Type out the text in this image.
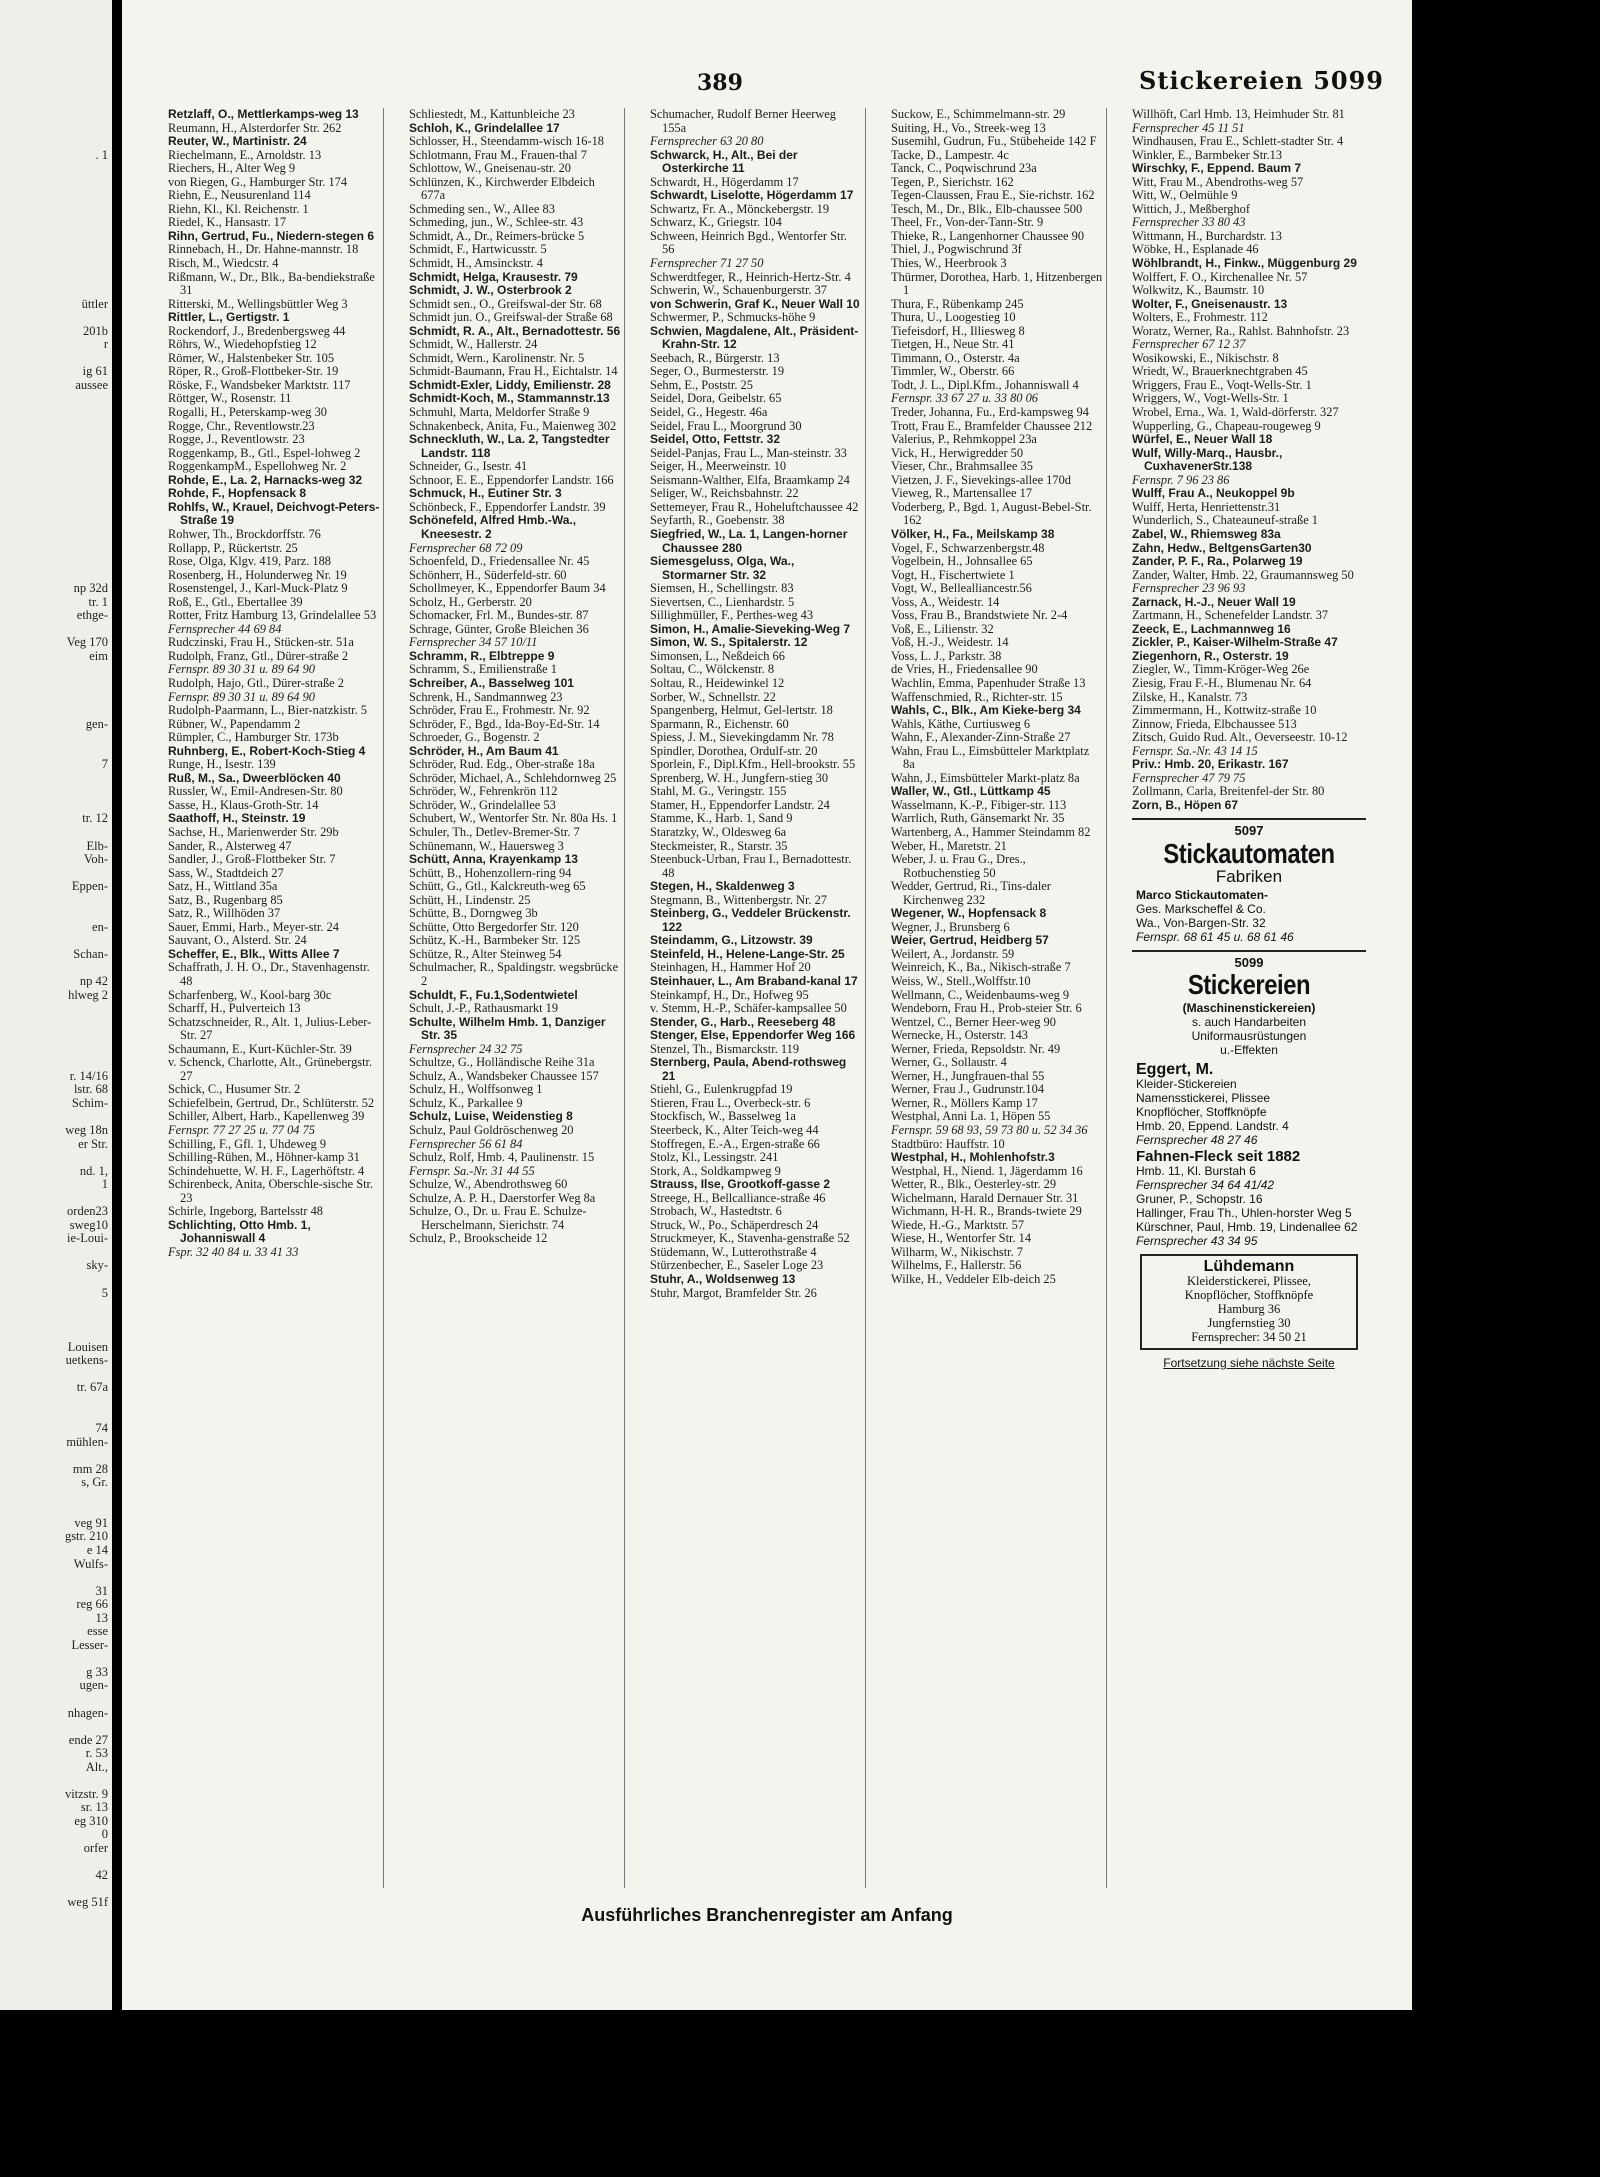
. 1
üttler
201b
r
ig 61
aussee
np 32d
tr. 1
ethge-
Veg 170
eim
gen-
7
tr. 12
Elb-
Voh-
Eppen-
en-
Schan-
np 42
hlweg 2
r. 14/16
lstr. 68
Schim-
weg 18n
er Str.
nd. 1,
1
orden23
sweg10
ie-Loui-
sky-
5
Louisen
uetkens-
tr. 67a
74
mühlen-
mm 28
s, Gr.
veg 91
gstr. 210
e 14
Wulfs-
31
reg 66
13
esse
Lesser-
g 33
ugen-
nhagen-
ende 27
r. 53
Alt.,
vitzstr. 9
sr. 13
eg 310
0
orfer
42
weg 51f
389	Stickereien 5099

Retzlaff, O., Mettlerkamps-weg 13

Reumann, H., Alsterdorfer Str. 262

Reuter, W., Martinistr. 24

Riechelmann, E., Arnoldstr. 13

Riechers, H., Alter Weg 9

von Riegen, G., Hamburger Str. 174

Riehn, E., Neusurenland 114

Riehn, Kl., Kl. Reichenstr. 1

Riedel, K., Hansastr. 17

Rihn, Gertrud, Fu., Niedern-stegen 6

Rinnebach, H., Dr. Hahne-mannstr. 18

Risch, M., Wiedcstr. 4

Rißmann, W., Dr., Blk., Ba-bendiekstraße 31

Ritterski, M., Wellingsbüttler Weg 3

Rittler, L., Gertigstr. 1

Rockendorf, J., Bredenbergsweg 44

Röhrs, W., Wiedehopfstieg 12

Römer, W., Halstenbeker Str. 105

Röper, R., Groß-Flottbeker-Str. 19

Röske, F., Wandsbeker Marktstr. 117

Röttger, W., Rosenstr. 11

Rogalli, H., Peterskamp-weg 30

Rogge, Chr., Reventlowstr.23

Rogge, J., Reventlowstr. 23

Roggenkamp, B., Gtl., Espel-lohweg 2

RoggenkampM., Espellohweg Nr. 2

Rohde, E., La. 2, Harnacks-weg 32

Rohde, F., Hopfensack 8

Rohlfs, W., Krauel, Deichvogt-Peters-Straße 19

Rohwer, Th., Brockdorffstr. 76

Rollapp, P., Rückertstr. 25

Rose, Olga, Klgv. 419, Parz. 188

Rosenberg, H., Holunderweg Nr. 19

Rosenstengel, J., Karl-Muck-Platz 9

Roß, E., Gtl., Ebertallee 39

Rotter, Fritz Hamburg 13, Grindelallee 53

Fernsprecher 44 69 84

Rudczinski, Frau H., Stücken-str. 51a

Rudolph, Franz, Gtl., Dürer-straße 2

Fernspr. 89 30 31 u. 89 64 90

Rudolph, Hajo, Gtl., Dürer-straße 2

Fernspr. 89 30 31 u. 89 64 90

Rudolph-Paarmann, L., Bier-natzkistr. 5

Rübner, W., Papendamm 2

Rümpler, C., Hamburger Str. 173b

Ruhnberg, E., Robert-Koch-Stieg 4

Runge, H., Isestr. 139

Ruß, M., Sa., Dweerblöcken 40

Russler, W., Emil-Andresen-Str. 80

Sasse, H., Klaus-Groth-Str. 14

Saathoff, H., Steinstr. 19

Sachse, H., Marienwerder Str. 29b

Sander, R., Alsterweg 47

Sandler, J., Groß-Flottbeker Str. 7

Sass, W., Stadtdeich 27

Satz, H., Wittland 35a

Satz, B., Rugenbarg 85

Satz, R., Willhöden 37

Sauer, Emmi, Harb., Meyer-str. 24

Sauvant, O., Alsterd. Str. 24

Scheffer, E., Blk., Witts Allee 7

Schaffrath, J. H. O., Dr., Stavenhagenstr. 48

Scharfenberg, W., Kool-barg 30c

Scharff, H., Pulverteich 13

Schatzschneider, R., Alt. 1, Julius-Leber-Str. 27

Schaumann, E., Kurt-Küchler-Str. 39

v. Schenck, Charlotte, Alt., Grünebergstr. 27

Schick, C., Husumer Str. 2

Schiefelbein, Gertrud, Dr., Schlüterstr. 52

Schiller, Albert, Harb., Kapellenweg 39

Fernspr. 77 27 25 u. 77 04 75

Schilling, F., Gfl. 1, Uhdeweg 9

Schilling-Rühen, M., Höhner-kamp 31

Schindehuette, W. H. F., Lagerhöftstr. 4

Schirenbeck, Anita, Oberschle-sische Str. 23

Schirle, Ingeborg, Bartelsstr 48

Schlichting, Otto Hmb. 1, Johanniswall 4

Fspr. 32 40 84 u. 33 41 33

Schliestedt, M., Kattunbleiche 23

Schloh, K., Grindelallee 17

Schlosser, H., Steendamm-wisch 16-18

Schlotmann, Frau M., Frauen-thal 7

Schlottow, W., Gneisenau-str. 20

Schlünzen, K., Kirchwerder Elbdeich 677a

Schmeding sen., W., Allee 83

Schmeding, jun., W., Schlee-str. 43

Schmidt, A., Dr., Reimers-brücke 5

Schmidt, F., Hartwicusstr. 5

Schmidt, H., Amsinckstr. 4

Schmidt, Helga, Krausestr. 79

Schmidt, J. W., Osterbrook 2

Schmidt sen., O., Greifswal-der Str. 68

Schmidt jun. O., Greifswal-der Straße 68

Schmidt, R. A., Alt., Bernadottestr. 56

Schmidt, W., Hallerstr. 24

Schmidt, Wern., Karolinenstr. Nr. 5

Schmidt-Baumann, Frau H., Eichtalstr. 14

Schmidt-Exler, Liddy, Emilienstr. 28

Schmidt-Koch, M., Stammannstr.13

Schmuhl, Marta, Meldorfer Straße 9

Schnakenbeck, Anita, Fu., Maienweg 302

Schneckluth, W., La. 2, Tangstedter Landstr. 118

Schneider, G., Isestr. 41

Schnoor, E. E., Eppendorfer Landstr. 166

Schmuck, H., Eutiner Str. 3

Schönbeck, F., Eppendorfer Landstr. 39

Schönefeld, Alfred Hmb.-Wa., Kneesestr. 2

Fernsprecher 68 72 09

Schoenfeld, D., Friedensallee Nr. 45

Schönherr, H., Süderfeld-str. 60

Schollmeyer, K., Eppendorfer Baum 34

Scholz, H., Gerberstr. 20

Schomacker, Frl. M., Bundes-str. 87

Schrage, Günter, Große Bleichen 36

Fernsprecher 34 57 10/11

Schramm, R., Elbtreppe 9

Schramm, S., Emilienstraße 1

Schreiber, A., Basselweg 101

Schrenk, H., Sandmannweg 23

Schröder, Frau E., Frohmestr. Nr. 92

Schröder, F., Bgd., Ida-Boy-Ed-Str. 14

Schroeder, G., Bogenstr. 2

Schröder, H., Am Baum 41

Schröder, Rud. Edg., Ober-straße 18a

Schröder, Michael, A., Schlehdornweg 25

Schröder, W., Fehrenkrön 112

Schröder, W., Grindelallee 53

Schubert, W., Wentorfer Str. Nr. 80a Hs. 1

Schuler, Th., Detlev-Bremer-Str. 7

Schünemann, W., Hauersweg 3

Schütt, Anna, Krayenkamp 13

Schütt, B., Hohenzollern-ring 94

Schütt, G., Gtl., Kalckreuth-weg 65

Schütt, H., Lindenstr. 25

Schütte, B., Dorngweg 3b

Schütte, Otto Bergedorfer Str. 120

Schütz, K.-H., Barmbeker Str. 125

Schütze, R., Alter Steinweg 54

Schulmacher, R., Spaldingstr. wegsbrücke 2

Schuldt, F., Fu.1,Sodentwietel

Schult, J.-P., Rathausmarkt 19

Schulte, Wilhelm Hmb. 1, Danziger Str. 35

Fernsprecher 24 32 75

Schultze, G., Holländische Reihe 31a

Schulz, A., Wandsbeker Chaussee 157

Schulz, H., Wolffsonweg 1

Schulz, K., Parkallee 9

Schulz, Luise, Weidenstieg 8

Schulz, Paul Goldröschenweg 20

Fernsprecher 56 61 84

Schulz, Rolf, Hmb. 4, Paulinenstr. 15

Fernspr. Sa.-Nr. 31 44 55

Schulze, W., Abendrothsweg 60

Schulze, A. P. H., Daerstorfer Weg 8a

Schulze, O., Dr. u. Frau E. Schulze-Herschelmann, Sierichstr. 74

Schulz, P., Brookscheide 12

Schumacher, Rudolf Berner Heerweg 155a

Fernsprecher 63 20 80

Schwarck, H., Alt., Bei der Osterkirche 11

Schwardt, H., Högerdamm 17

Schwardt, Liselotte, Högerdamm 17

Schwartz, Fr. A., Mönckebergstr. 19

Schwarz, K., Griegstr. 104

Schween, Heinrich Bgd., Wentorfer Str. 56

Fernsprecher 71 27 50

Schwerdtfeger, R., Heinrich-Hertz-Str. 4

Schwerin, W., Schauenburgerstr. 37

von Schwerin, Graf K., Neuer Wall 10

Schwermer, P., Schmucks-höhe 9

Schwien, Magdalene, Alt., Präsident-Krahn-Str. 12

Seebach, R., Bürgerstr. 13

Seger, O., Burmesterstr. 19

Sehm, E., Poststr. 25

Seidel, Dora, Geibelstr. 65

Seidel, G., Hegestr. 46a

Seidel, Frau L., Moorgrund 30

Seidel, Otto, Fettstr. 32

Seidel-Panjas, Frau L., Man-steinstr. 33

Seiger, H., Meerweinstr. 10

Seismann-Walther, Elfa, Braamkamp 24

Seliger, W., Reichsbahnstr. 22

Settemeyer, Frau R., Hoheluftchaussee 42

Seyfarth, R., Goebenstr. 38

Siegfried, W., La. 1, Langen-horner Chaussee 280

Siemesgeluss, Olga, Wa., Stormarner Str. 32

Siemsen, H., Schellingstr. 83

Sievertsen, C., Lienhardstr. 5

Sillighmüller, F., Perthes-weg 43

Simon, H., Amalie-Sieveking-Weg 7

Simon, W. S., Spitalerstr. 12

Simonsen, L., Neßdeich 66

Soltau, C., Wölckenstr. 8

Soltau, R., Heidewinkel 12

Sorber, W., Schnellstr. 22

Spangenberg, Helmut, Gel-lertstr. 18

Sparmann, R., Eichenstr. 60

Spiess, J. M., Sievekingdamm Nr. 78

Spindler, Dorothea, Ordulf-str. 20

Sporlein, F., Dipl.Kfm., Hell-brookstr. 55

Sprenberg, W. H., Jungfern-stieg 30

Stahl, M. G., Veringstr. 155

Stamer, H., Eppendorfer Landstr. 24

Stamme, K., Harb. 1, Sand 9

Staratzky, W., Oldesweg 6a

Steckmeister, R., Starstr. 35

Steenbuck-Urban, Frau I., Bernadottestr. 48

Stegen, H., Skaldenweg 3

Stegmann, B., Wittenbergstr. Nr. 27

Steinberg, G., Veddeler Brückenstr. 122

Steindamm, G., Litzowstr. 39

Steinfeld, H., Helene-Lange-Str. 25

Steinhagen, H., Hammer Hof 20

Steinhauer, L., Am Braband-kanal 17

Steinkampf, H., Dr., Hofweg 95

v. Stemm, H.-P., Schäfer-kampsallee 50

Stender, G., Harb., Reeseberg 48

Stenger, Else, Eppendorfer Weg 166

Stenzel, Th., Bismarckstr. 119

Sternberg, Paula, Abend-rothsweg 21

Stiehl, G., Eulenkrugpfad 19

Stieren, Frau L., Overbeck-str. 6

Stockfisch, W., Basselweg 1a

Steerbeck, K., Alter Teich-weg 44

Stoffregen, E.-A., Ergen-straße 66

Stolz, Kl., Lessingstr. 241

Stork, A., Soldkampweg 9

Strauss, Ilse, Grootkoff-gasse 2

Streege, H., Bellcalliance-straße 46

Strobach, W., Hastedtstr. 6

Struck, W., Po., Schäperdresch 24

Struckmeyer, K., Stavenha-genstraße 52

Stüdemann, W., Lutterothstraße 4

Stürzenbecher, E., Saseler Loge 23

Stuhr, A., Woldsenweg 13

Stuhr, Margot, Bramfelder Str. 26

Suckow, E., Schimmelmann-str. 29

Suiting, H., Vo., Streek-weg 13

Susemihl, Gudrun, Fu., Stübeheide 142 F

Tacke, D., Lampestr. 4c

Tanck, C., Poqwischrund 23a

Tegen, P., Sierichstr. 162

Tegen-Claussen, Frau E., Sie-richstr. 162

Tesch, M., Dr., Blk., Elb-chaussee 500

Theel, Fr., Von-der-Tann-Str. 9

Thieke, R., Langenhorner Chaussee 90

Thiel, J., Pogwischrund 3f

Thies, W., Heerbrook 3

Thürmer, Dorothea, Harb. 1, Hitzenbergen 1

Thura, F., Rübenkamp 245

Thura, U., Loogestieg 10

Tiefeisdorf, H., Illiesweg 8

Tietgen, H., Neue Str. 41

Timmann, O., Osterstr. 4a

Timmler, W., Oberstr. 66

Todt, J. L., Dipl.Kfm., Johanniswall 4

Fernspr. 33 67 27 u. 33 80 06

Treder, Johanna, Fu., Erd-kampsweg 94

Trott, Frau E., Bramfelder Chaussee 212

Valerius, P., Rehmkoppel 23a

Vick, H., Herwigredder 50

Vieser, Chr., Brahmsallee 35

Vietzen, J. F., Sievekings-allee 170d

Vieweg, R., Martensallee 17

Voderberg, P., Bgd. 1, August-Bebel-Str. 162

Völker, H., Fa., Meilskamp 38

Vogel, F., Schwarzenbergstr.48

Vogelbein, H., Johnsallee 65

Vogt, H., Fischertwiete 1

Vogt, W., Bellealliancestr.56

Voss, A., Weidestr. 14

Voss, Frau B., Brandstwiete Nr. 2-4

Voß, E., Lilienstr. 32

Voß, H.-J., Weidestr. 14

Voss, L. J., Parkstr. 38

de Vries, H., Friedensallee 90

Wachlin, Emma, Papenhuder Straße 13

Waffenschmied, R., Richter-str. 15

Wahls, C., Blk., Am Kieke-berg 34

Wahls, Käthe, Curtiusweg 6

Wahn, F., Alexander-Zinn-Straße 27

Wahn, Frau L., Eimsbütteler Marktplatz 8a

Wahn, J., Eimsbütteler Markt-platz 8a

Waller, W., Gtl., Lüttkamp 45

Wasselmann, K.-P., Fibiger-str. 113

Warrlich, Ruth, Gänsemarkt Nr. 35

Wartenberg, A., Hammer Steindamm 82

Weber, H., Maretstr. 21

Weber, J. u. Frau G., Dres., Rotbuchenstieg 50

Wedder, Gertrud, Ri., Tins-daler Kirchenweg 232

Wegener, W., Hopfensack 8

Wegner, J., Brunsberg 6

Weier, Gertrud, Heidberg 57

Weilert, A., Jordanstr. 59

Weinreich, K., Ba., Nikisch-straße 7

Weiss, W., Stell.,Wolffstr.10

Wellmann, C., Weidenbaums-weg 9

Wendeborn, Frau H., Prob-steier Str. 6

Wentzel, C., Berner Heer-weg 90

Wernecke, H., Osterstr. 143

Werner, Frieda, Repsoldstr. Nr. 49

Werner, G., Sollaustr. 4

Werner, H., Jungfrauen-thal 55

Werner, Frau J., Gudrunstr.104

Werner, R., Möllers Kamp 17

Westphal, Anni La. 1, Höpen 55

Fernspr. 59 68 93, 59 73 80 u. 52 34 36

Stadtbüro: Hauffstr. 10

Westphal, H., Mohlenhofstr.3

Westphal, H., Niend. 1, Jägerdamm 16

Wetter, R., Blk., Oesterley-str. 29

Wichelmann, Harald Dernauer Str. 31

Wichmann, H-H. R., Brands-twiete 29

Wiede, H.-G., Marktstr. 57

Wiese, H., Wentorfer Str. 14

Wilharm, W., Nikischstr. 7

Wilhelms, F., Hallerstr. 56

Wilke, H., Veddeler Elb-deich 25

Willhöft, Carl Hmb. 13, Heimhuder Str. 81

Fernsprecher 45 11 51

Windhausen, Frau E., Schlett-stadter Str. 4

Winkler, E., Barmbeker Str.13

Wirschky, F., Eppend. Baum 7

Witt, Frau M., Abendroths-weg 57

Witt, W., Oelmühle 9

Wittich, J., Meßberghof

Fernsprecher 33 80 43

Wittmann, H., Burchardstr. 13

Wöbke, H., Esplanade 46

Wöhlbrandt, H., Finkw., Müggenburg 29

Wolffert, F. O., Kirchenallee Nr. 57

Wolkwitz, K., Baumstr. 10

Wolter, F., Gneisenaustr. 13

Wolters, E., Frohmestr. 112

Woratz, Werner, Ra., Rahlst. Bahnhofstr. 23

Fernsprecher 67 12 37

Wosikowski, E., Nikischstr. 8

Wriedt, W., Brauerknechtgraben 45

Wriggers, Frau E., Voqt-Wells-Str. 1

Wriggers, W., Vogt-Wells-Str. 1

Wrobel, Erna., Wa. 1, Wald-dörferstr. 327

Wupperling, G., Chapeau-rougeweg 9

Würfel, E., Neuer Wall 18

Wulf, Willy-Marq., Hausbr., CuxhavenerStr.138

Fernspr. 7 96 23 86

Wulff, Frau A., Neukoppel 9b

Wulff, Herta, Henriettenstr.31

Wunderlich, S., Chateauneuf-straße 1

Zabel, W., Rhiemsweg 83a

Zahn, Hedw., BeltgensGarten30

Zander, P. F., Ra., Polarweg 19

Zander, Walter, Hmb. 22, Graumannsweg 50

Fernsprecher 23 96 93

Zarnack, H.-J., Neuer Wall 19

Zartmann, H., Schenefelder Landstr. 37

Zeeck, E., Lachmannweg 16

Zickler, P., Kaiser-Wilhelm-Straße 47

Ziegenhorn, R., Osterstr. 19

Ziegler, W., Timm-Kröger-Weg 26e

Ziesig, Frau F.-H., Blumenau Nr. 64

Zilske, H., Kanalstr. 73

Zimmermann, H., Kottwitz-straße 10

Zinnow, Frieda, Elbchaussee 513

Zitsch, Guido Rud. Alt., Oeverseestr. 10-12

Fernspr. Sa.-Nr. 43 14 15

Priv.: Hmb. 20, Erikastr. 167

Fernsprecher 47 79 75

Zollmann, Carla, Breitenfel-der Str. 80

Zorn, B., Höpen 67

5097
Stickautomaten
Fabriken
Marco Stickautomaten-
Ges. Markscheffel & Co.
Wa., Von-Bargen-Str. 32
Fernspr. 68 61 45 u. 68 61 46
5099
Stickereien
(Maschinenstickereien)
s. auch Handarbeiten
Uniformausrüstungen
u.-Effekten
Eggert, M.
Kleider-Stickereien
Namensstickerei, Plissee
Knopflöcher, Stoffknöpfe
Hmb. 20, Eppend. Landstr. 4
Fernsprecher 48 27 46
Fahnen-Fleck seit 1882
Hmb. 11, Kl. Burstah 6
Fernsprecher 34 64 41/42
Gruner, P., Schopstr. 16
Hallinger, Frau Th., Uhlen-horster Weg 5
Kürschner, Paul, Hmb. 19, Lindenallee 62
Fernsprecher 43 34 95
Lühdemann
Kleiderstickerei, Plissee,
Knopflöcher, Stoffknöpfe
Hamburg 36
Jungfernstieg 30
Fernsprecher: 34 50 21
Fortsetzung siehe nächste Seite
Ausführliches Branchenregister am Anfang
